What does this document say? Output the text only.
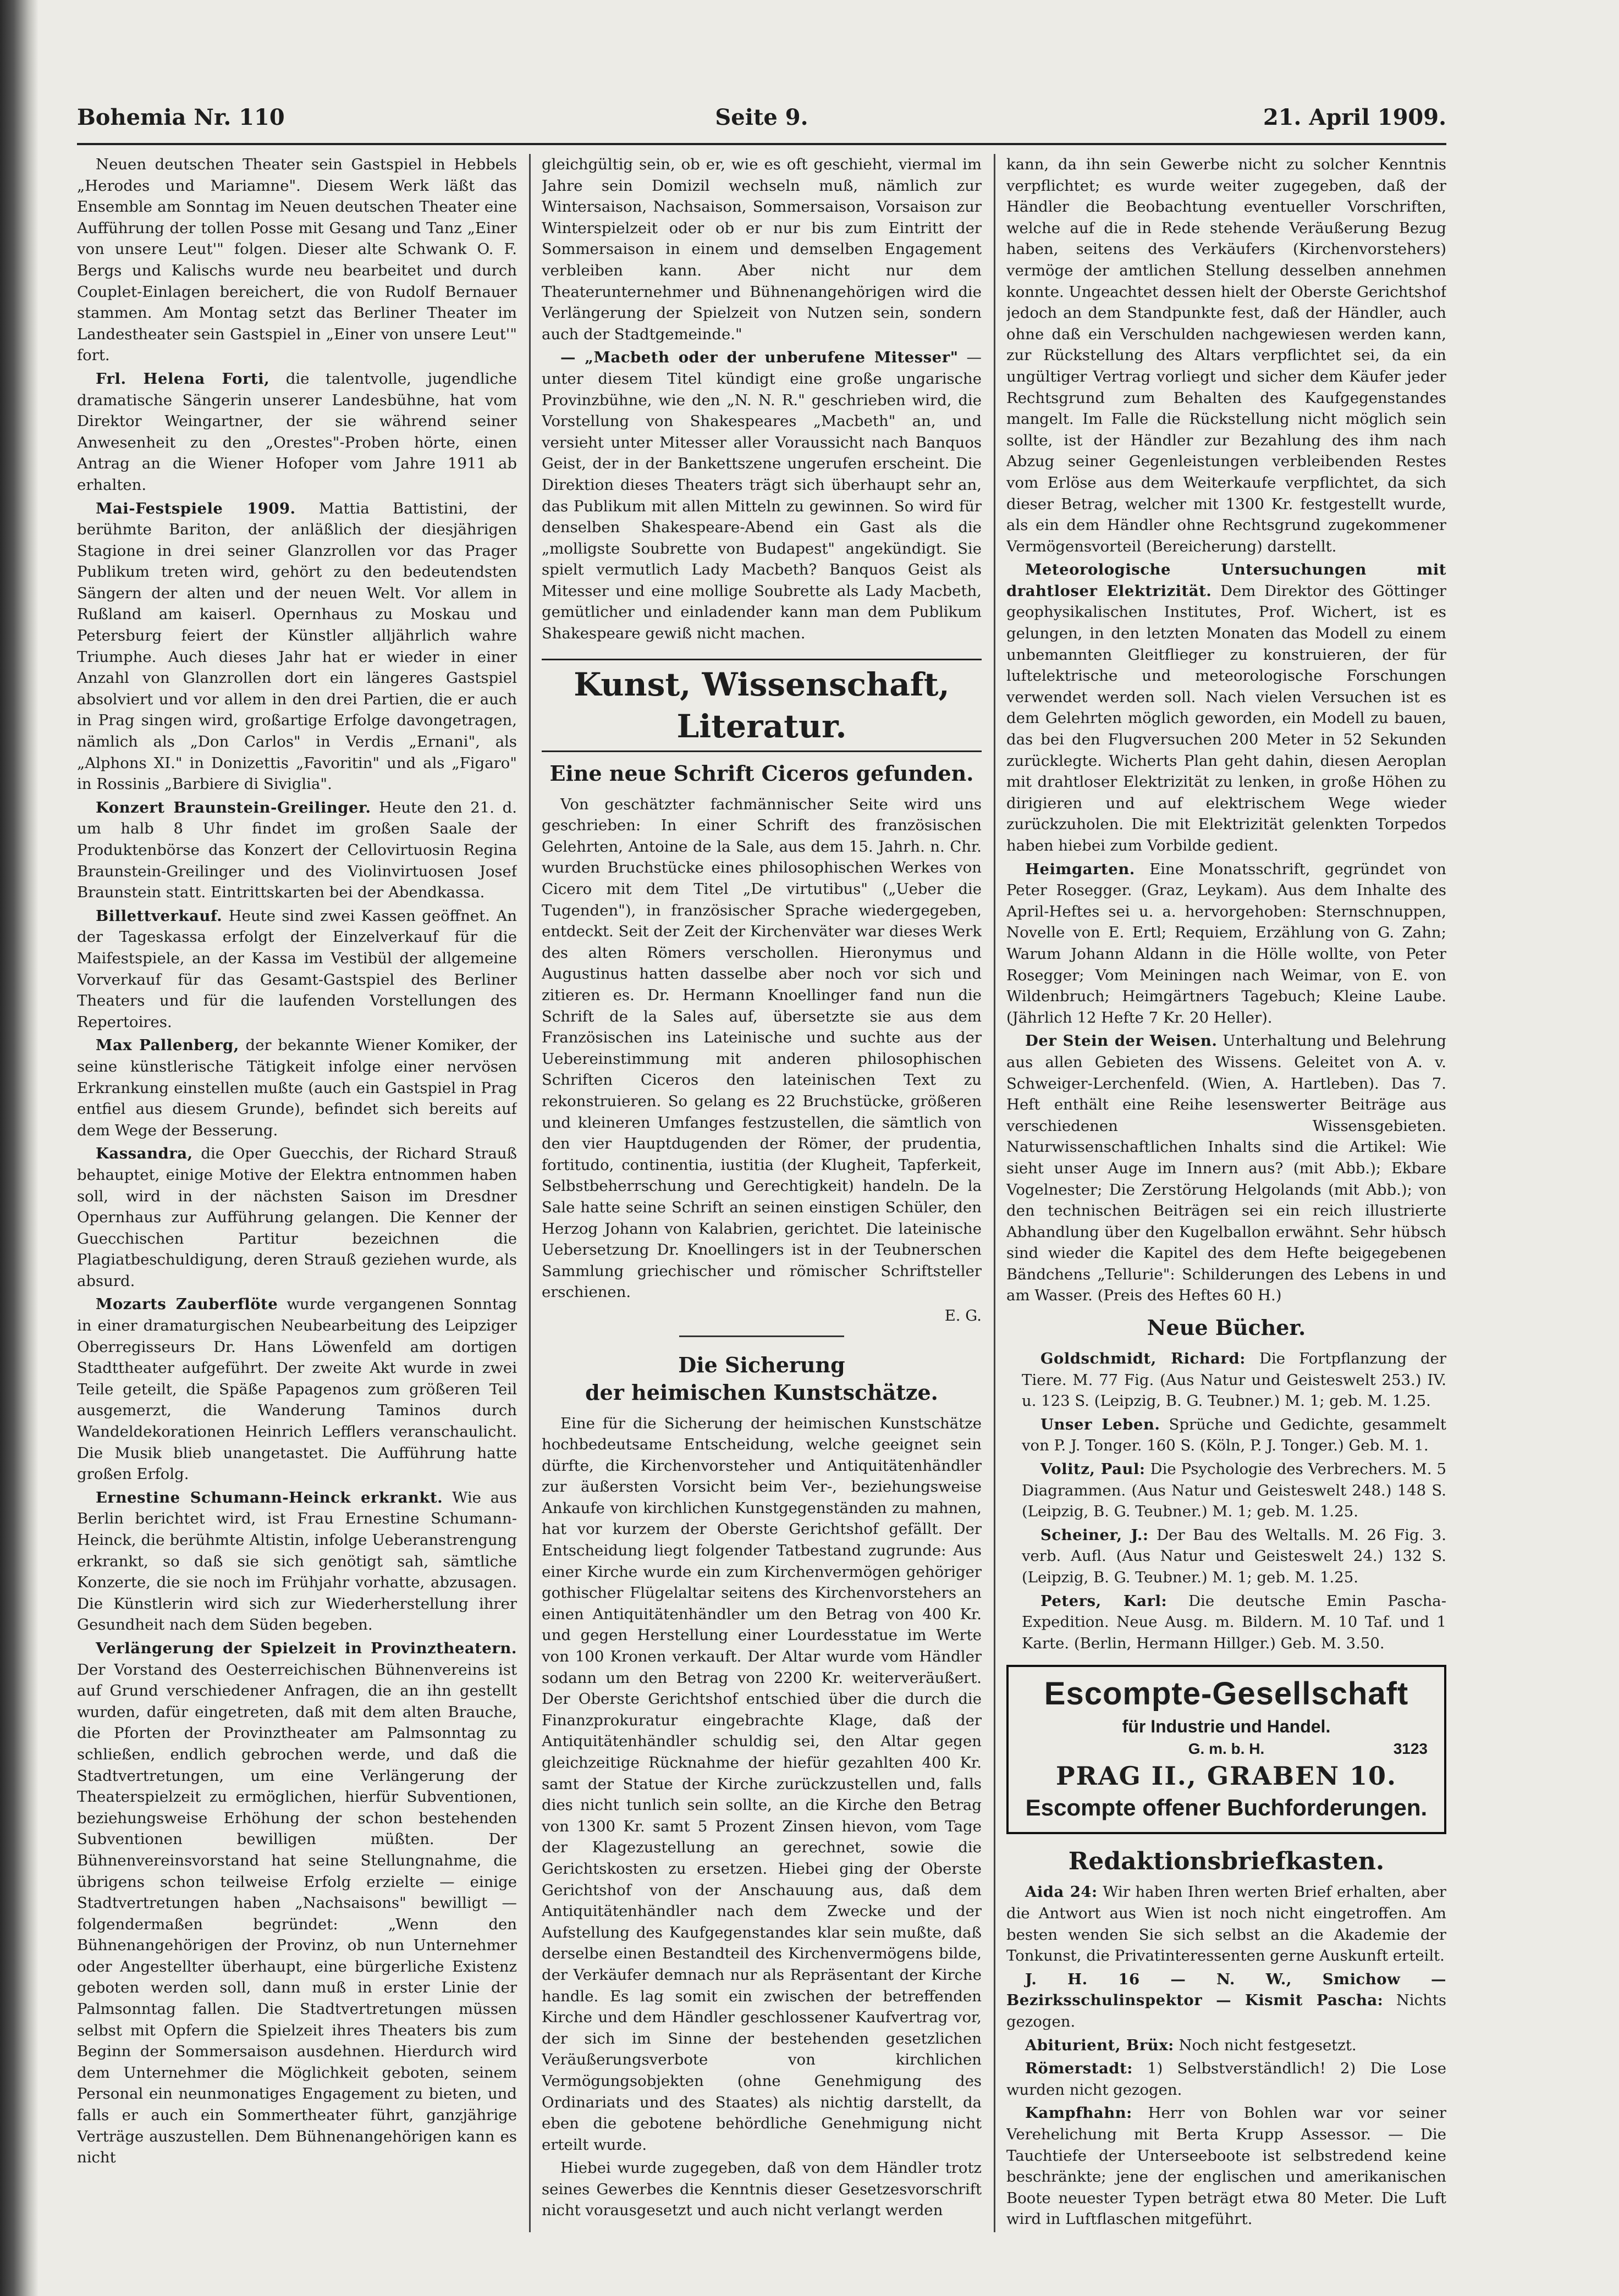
Bohemia Nr. 110	Seite 9.	21. April 1909.

Neuen deutschen Theater sein Gastspiel in Hebbels „Herodes und Mariamne". Diesem Werk läßt das Ensemble am Sonntag im Neuen deutschen Theater eine Aufführung der tollen Posse mit Gesang und Tanz „Einer von unsere Leut'" folgen. Dieser alte Schwank O. F. Bergs und Kalischs wurde neu bearbeitet und durch Couplet-Einlagen bereichert, die von Rudolf Bernauer stammen. Am Montag setzt das Berliner Theater im Landestheater sein Gastspiel in „Einer von unsere Leut'" fort.

Frl. Helena Forti, die talentvolle, jugendliche dramatische Sängerin unserer Landesbühne, hat vom Direktor Weingartner, der sie während seiner Anwesenheit zu den „Orestes"-Proben hörte, einen Antrag an die Wiener Hofoper vom Jahre 1911 ab erhalten.

Mai-Festspiele 1909. Mattia Battistini, der berühmte Bariton, der anläßlich der diesjährigen Stagione in drei seiner Glanzrollen vor das Prager Publikum treten wird, gehört zu den bedeutendsten Sängern der alten und der neuen Welt. Vor allem in Rußland am kaiserl. Opernhaus zu Moskau und Petersburg feiert der Künstler alljährlich wahre Triumphe. Auch dieses Jahr hat er wieder in einer Anzahl von Glanzrollen dort ein längeres Gastspiel absolviert und vor allem in den drei Partien, die er auch in Prag singen wird, großartige Erfolge davongetragen, nämlich als „Don Carlos" in Verdis „Ernani", als „Alphons XI." in Donizettis „Favoritin" und als „Figaro" in Rossinis „Barbiere di Siviglia".

Konzert Braunstein-Greilinger. Heute den 21. d. um halb 8 Uhr findet im großen Saale der Produktenbörse das Konzert der Cellovirtuosin Regina Braunstein-Greilinger und des Violinvirtuosen Josef Braunstein statt. Eintrittskarten bei der Abendkassa.

Billettverkauf. Heute sind zwei Kassen geöffnet. An der Tageskassa erfolgt der Einzelverkauf für die Maifestspiele, an der Kassa im Vestibül der allgemeine Vorverkauf für das Gesamt-Gastspiel des Berliner Theaters und für die laufenden Vorstellungen des Repertoires.

Max Pallenberg, der bekannte Wiener Komiker, der seine künstlerische Tätigkeit infolge einer nervösen Erkrankung einstellen mußte (auch ein Gastspiel in Prag entfiel aus diesem Grunde), befindet sich bereits auf dem Wege der Besserung.

Kassandra, die Oper Guecchis, der Richard Strauß behauptet, einige Motive der Elektra entnommen haben soll, wird in der nächsten Saison im Dresdner Opernhaus zur Aufführung gelangen. Die Kenner der Guecchischen Partitur bezeichnen die Plagiatbeschuldigung, deren Strauß geziehen wurde, als absurd.

Mozarts Zauberflöte wurde vergangenen Sonntag in einer dramaturgischen Neubearbeitung des Leipziger Oberregisseurs Dr. Hans Löwenfeld am dortigen Stadttheater aufgeführt. Der zweite Akt wurde in zwei Teile geteilt, die Späße Papagenos zum größeren Teil ausgemerzt, die Wanderung Taminos durch Wandeldekorationen Heinrich Lefflers veranschaulicht. Die Musik blieb unangetastet. Die Aufführung hatte großen Erfolg.

Ernestine Schumann-Heinck erkrankt. Wie aus Berlin berichtet wird, ist Frau Ernestine Schumann-Heinck, die berühmte Altistin, infolge Ueberanstrengung erkrankt, so daß sie sich genötigt sah, sämtliche Konzerte, die sie noch im Frühjahr vorhatte, abzusagen. Die Künstlerin wird sich zur Wiederherstellung ihrer Gesundheit nach dem Süden begeben.

Verlängerung der Spielzeit in Provinztheatern. Der Vorstand des Oesterreichischen Bühnenvereins ist auf Grund verschiedener Anfragen, die an ihn gestellt wurden, dafür eingetreten, daß mit dem alten Brauche, die Pforten der Provinztheater am Palmsonntag zu schließen, endlich gebrochen werde, und daß die Stadtvertretungen, um eine Verlängerung der Theaterspielzeit zu ermöglichen, hierfür Subventionen, beziehungsweise Erhöhung der schon bestehenden Subventionen bewilligen müßten. Der Bühnenvereinsvorstand hat seine Stellungnahme, die übrigens schon teilweise Erfolg erzielte — einige Stadtvertretungen haben „Nachsaisons" bewilligt — folgendermaßen begründet: „Wenn den Bühnenangehörigen der Provinz, ob nun Unternehmer oder Angestellter überhaupt, eine bürgerliche Existenz geboten werden soll, dann muß in erster Linie der Palmsonntag fallen. Die Stadtvertretungen müssen selbst mit Opfern die Spielzeit ihres Theaters bis zum Beginn der Sommersaison ausdehnen. Hierdurch wird dem Unternehmer die Möglichkeit geboten, seinem Personal ein neunmonatiges Engagement zu bieten, und falls er auch ein Sommertheater führt, ganzjährige Verträge auszustellen. Dem Bühnenangehörigen kann es nicht

gleichgültig sein, ob er, wie es oft geschieht, viermal im Jahre sein Domizil wechseln muß, nämlich zur Wintersaison, Nachsaison, Sommersaison, Vorsaison zur Winterspielzeit oder ob er nur bis zum Eintritt der Sommersaison in einem und demselben Engagement verbleiben kann. Aber nicht nur dem Theaterunternehmer und Bühnenangehörigen wird die Verlängerung der Spielzeit von Nutzen sein, sondern auch der Stadtgemeinde."

— „Macbeth oder der unberufene Mitesser" — unter diesem Titel kündigt eine große ungarische Provinzbühne, wie den „N. N. R." geschrieben wird, die Vorstellung von Shakespeares „Macbeth" an, und versieht unter Mitesser aller Voraussicht nach Banquos Geist, der in der Bankettszene ungerufen erscheint. Die Direktion dieses Theaters trägt sich überhaupt sehr an, das Publikum mit allen Mitteln zu gewinnen. So wird für denselben Shakespeare-Abend ein Gast als die „molligste Soubrette von Budapest" angekündigt. Sie spielt vermutlich Lady Macbeth? Banquos Geist als Mitesser und eine mollige Soubrette als Lady Macbeth, gemütlicher und einladender kann man dem Publikum Shakespeare gewiß nicht machen.

Kunst, Wissenschaft, Literatur.
Eine neue Schrift Ciceros gefunden.

Von geschätzter fachmännischer Seite wird uns geschrieben: In einer Schrift des französischen Gelehrten, Antoine de la Sale, aus dem 15. Jahrh. n. Chr. wurden Bruchstücke eines philosophischen Werkes von Cicero mit dem Titel „De virtutibus" („Ueber die Tugenden"), in französischer Sprache wiedergegeben, entdeckt. Seit der Zeit der Kirchenväter war dieses Werk des alten Römers verschollen. Hieronymus und Augustinus hatten dasselbe aber noch vor sich und zitieren es. Dr. Hermann Knoellinger fand nun die Schrift de la Sales auf, übersetzte sie aus dem Französischen ins Lateinische und suchte aus der Uebereinstimmung mit anderen philosophischen Schriften Ciceros den lateinischen Text zu rekonstruieren. So gelang es 22 Bruchstücke, größeren und kleineren Umfanges festzustellen, die sämtlich von den vier Hauptdugenden der Römer, der prudentia, fortitudo, continentia, iustitia (der Klugheit, Tapferkeit, Selbstbeherrschung und Gerechtigkeit) handeln. De la Sale hatte seine Schrift an seinen einstigen Schüler, den Herzog Johann von Kalabrien, gerichtet. Die lateinische Uebersetzung Dr. Knoellingers ist in der Teubnerschen Sammlung griechischer und römischer Schriftsteller erschienen.

E. G.
Die Sicherung
der heimischen Kunstschätze.

Eine für die Sicherung der heimischen Kunstschätze hochbedeutsame Entscheidung, welche geeignet sein dürfte, die Kirchenvorsteher und Antiquitätenhändler zur äußersten Vorsicht beim Ver-, beziehungsweise Ankaufe von kirchlichen Kunstgegenständen zu mahnen, hat vor kurzem der Oberste Gerichtshof gefällt. Der Entscheidung liegt folgender Tatbestand zugrunde: Aus einer Kirche wurde ein zum Kirchenvermögen gehöriger gothischer Flügelaltar seitens des Kirchenvorstehers an einen Antiquitätenhändler um den Betrag von 400 Kr. und gegen Herstellung einer Lourdesstatue im Werte von 100 Kronen verkauft. Der Altar wurde vom Händler sodann um den Betrag von 2200 Kr. weiterveräußert. Der Oberste Gerichtshof entschied über die durch die Finanzprokuratur eingebrachte Klage, daß der Antiquitätenhändler schuldig sei, den Altar gegen gleichzeitige Rücknahme der hiefür gezahlten 400 Kr. samt der Statue der Kirche zurückzustellen und, falls dies nicht tunlich sein sollte, an die Kirche den Betrag von 1300 Kr. samt 5 Prozent Zinsen hievon, vom Tage der Klagezustellung an gerechnet, sowie die Gerichtskosten zu ersetzen. Hiebei ging der Oberste Gerichtshof von der Anschauung aus, daß dem Antiquitätenhändler nach dem Zwecke und der Aufstellung des Kaufgegenstandes klar sein mußte, daß derselbe einen Bestandteil des Kirchenvermögens bilde, der Verkäufer demnach nur als Repräsentant der Kirche handle. Es lag somit ein zwischen der betreffenden Kirche und dem Händler geschlossener Kaufvertrag vor, der sich im Sinne der bestehenden gesetzlichen Veräußerungsverbote von kirchlichen Vermögungsobjekten (ohne Genehmigung des Ordinariats und des Staates) als nichtig darstellt, da eben die gebotene behördliche Genehmigung nicht erteilt wurde.

Hiebei wurde zugegeben, daß von dem Händler trotz seines Gewerbes die Kenntnis dieser Gesetzesvorschrift nicht vorausgesetzt und auch nicht verlangt werden

kann, da ihn sein Gewerbe nicht zu solcher Kenntnis verpflichtet; es wurde weiter zugegeben, daß der Händler die Beobachtung eventueller Vorschriften, welche auf die in Rede stehende Veräußerung Bezug haben, seitens des Verkäufers (Kirchenvorstehers) vermöge der amtlichen Stellung desselben annehmen konnte. Ungeachtet dessen hielt der Oberste Gerichtshof jedoch an dem Standpunkte fest, daß der Händler, auch ohne daß ein Verschulden nachgewiesen werden kann, zur Rückstellung des Altars verpflichtet sei, da ein ungültiger Vertrag vorliegt und sicher dem Käufer jeder Rechtsgrund zum Behalten des Kaufgegenstandes mangelt. Im Falle die Rückstellung nicht möglich sein sollte, ist der Händler zur Bezahlung des ihm nach Abzug seiner Gegenleistungen verbleibenden Restes vom Erlöse aus dem Weiterkaufe verpflichtet, da sich dieser Betrag, welcher mit 1300 Kr. festgestellt wurde, als ein dem Händler ohne Rechtsgrund zugekommener Vermögensvorteil (Bereicherung) darstellt.

Meteorologische Untersuchungen mit drahtloser Elektrizität. Dem Direktor des Göttinger geophysikalischen Institutes, Prof. Wichert, ist es gelungen, in den letzten Monaten das Modell zu einem unbemannten Gleitflieger zu konstruieren, der für luftelektrische und meteorologische Forschungen verwendet werden soll. Nach vielen Versuchen ist es dem Gelehrten möglich geworden, ein Modell zu bauen, das bei den Flugversuchen 200 Meter in 52 Sekunden zurücklegte. Wicherts Plan geht dahin, diesen Aeroplan mit drahtloser Elektrizität zu lenken, in große Höhen zu dirigieren und auf elektrischem Wege wieder zurückzuholen. Die mit Elektrizität gelenkten Torpedos haben hiebei zum Vorbilde gedient.

Heimgarten. Eine Monatsschrift, gegründet von Peter Rosegger. (Graz, Leykam). Aus dem Inhalte des April-Heftes sei u. a. hervorgehoben: Sternschnuppen, Novelle von E. Ertl; Requiem, Erzählung von G. Zahn; Warum Johann Aldann in die Hölle wollte, von Peter Rosegger; Vom Meiningen nach Weimar, von E. von Wildenbruch; Heimgärtners Tagebuch; Kleine Laube. (Jährlich 12 Hefte 7 Kr. 20 Heller).

Der Stein der Weisen. Unterhaltung und Belehrung aus allen Gebieten des Wissens. Geleitet von A. v. Schweiger-Lerchenfeld. (Wien, A. Hartleben). Das 7. Heft enthält eine Reihe lesenswerter Beiträge aus verschiedenen Wissensgebieten. Naturwissenschaftlichen Inhalts sind die Artikel: Wie sieht unser Auge im Innern aus? (mit Abb.); Ekbare Vogelnester; Die Zerstörung Helgolands (mit Abb.); von den technischen Beiträgen sei ein reich illustrierte Abhandlung über den Kugelballon erwähnt. Sehr hübsch sind wieder die Kapitel des dem Hefte beigegebenen Bändchens „Tellurie": Schilderungen des Lebens in und am Wasser. (Preis des Heftes 60 H.)

Neue Bücher.

Goldschmidt, Richard: Die Fortpflanzung der Tiere. M. 77 Fig. (Aus Natur und Geisteswelt 253.) IV. u. 123 S. (Leipzig, B. G. Teubner.) M. 1; geb. M. 1.25.

Unser Leben. Sprüche und Gedichte, gesammelt von P. J. Tonger. 160 S. (Köln, P. J. Tonger.) Geb. M. 1.

Volitz, Paul: Die Psychologie des Verbrechers. M. 5 Diagrammen. (Aus Natur und Geisteswelt 248.) 148 S. (Leipzig, B. G. Teubner.) M. 1; geb. M. 1.25.

Scheiner, J.: Der Bau des Weltalls. M. 26 Fig. 3. verb. Aufl. (Aus Natur und Geisteswelt 24.) 132 S. (Leipzig, B. G. Teubner.) M. 1; geb. M. 1.25.

Peters, Karl: Die deutsche Emin Pascha-Expedition. Neue Ausg. m. Bildern. M. 10 Taf. und 1 Karte. (Berlin, Hermann Hillger.) Geb. M. 3.50.

Escompte-Gesellschaft
für Industrie und Handel.
G. m. b. H.	3123
PRAG II., GRABEN 10.
Escompte offener Buchforderungen.
Redaktionsbriefkasten.

Aida 24: Wir haben Ihren werten Brief erhalten, aber die Antwort aus Wien ist noch nicht eingetroffen. Am besten wenden Sie sich selbst an die Akademie der Tonkunst, die Privatinteressenten gerne Auskunft erteilt.

J. H. 16 — N. W., Smichow — Bezirksschulinspektor — Kismit Pascha: Nichts gezogen.

Abiturient, Brüx: Noch nicht festgesetzt.

Römerstadt: 1) Selbstverständlich! 2) Die Lose wurden nicht gezogen.

Kampfhahn: Herr von Bohlen war vor seiner Verehelichung mit Berta Krupp Assessor. — Die Tauchtiefe der Unterseeboote ist selbstredend keine beschränkte; jene der englischen und amerikanischen Boote neuester Typen beträgt etwa 80 Meter. Die Luft wird in Luftflaschen mitgeführt.
